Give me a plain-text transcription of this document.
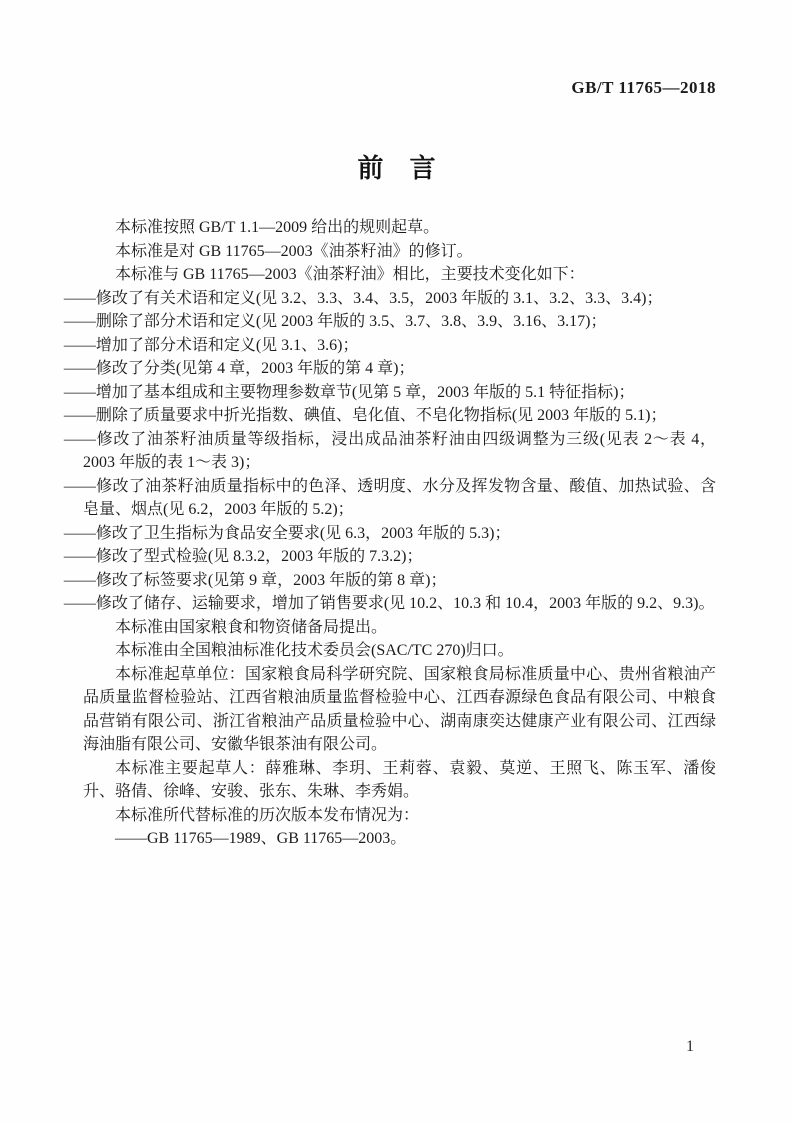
GB/T 11765—2018
前　言

本标准按照 GB/T 1.1—2009 给出的规则起草。

本标准是对 GB 11765—2003《油茶籽油》的修订。

本标准与 GB 11765—2003《油茶籽油》相比，主要技术变化如下：

——修改了有关术语和定义(见 3.2、3.3、3.4、3.5，2003 年版的 3.1、3.2、3.3、3.4)；

——删除了部分术语和定义(见 2003 年版的 3.5、3.7、3.8、3.9、3.16、3.17)；

——增加了部分术语和定义(见 3.1、3.6)；

——修改了分类(见第 4 章，2003 年版的第 4 章)；

——增加了基本组成和主要物理参数章节(见第 5 章，2003 年版的 5.1 特征指标)；

——删除了质量要求中折光指数、碘值、皂化值、不皂化物指标(见 2003 年版的 5.1)；

——修改了油茶籽油质量等级指标，浸出成品油茶籽油由四级调整为三级(见表 2～表 4，2003 年版的表 1～表 3)；

——修改了油茶籽油质量指标中的色泽、透明度、水分及挥发物含量、酸值、加热试验、含皂量、烟点(见 6.2，2003 年版的 5.2)；

——修改了卫生指标为食品安全要求(见 6.3，2003 年版的 5.3)；

——修改了型式检验(见 8.3.2，2003 年版的 7.3.2)；

——修改了标签要求(见第 9 章，2003 年版的第 8 章)；

——修改了储存、运输要求，增加了销售要求(见 10.2、10.3 和 10.4，2003 年版的 9.2、9.3)。

本标准由国家粮食和物资储备局提出。

本标准由全国粮油标准化技术委员会(SAC/TC 270)归口。

本标准起草单位：国家粮食局科学研究院、国家粮食局标准质量中心、贵州省粮油产品质量监督检验站、江西省粮油质量监督检验中心、江西春源绿色食品有限公司、中粮食品营销有限公司、浙江省粮油产品质量检验中心、湖南康奕达健康产业有限公司、江西绿海油脂有限公司、安徽华银茶油有限公司。

本标准主要起草人：薛雅琳、李玥、王莉蓉、袁毅、莫逆、王照飞、陈玉军、潘俊升、骆倩、徐峰、安骏、张东、朱琳、李秀娟。

本标准所代替标准的历次版本发布情况为：

——GB 11765—1989、GB 11765—2003。

1
